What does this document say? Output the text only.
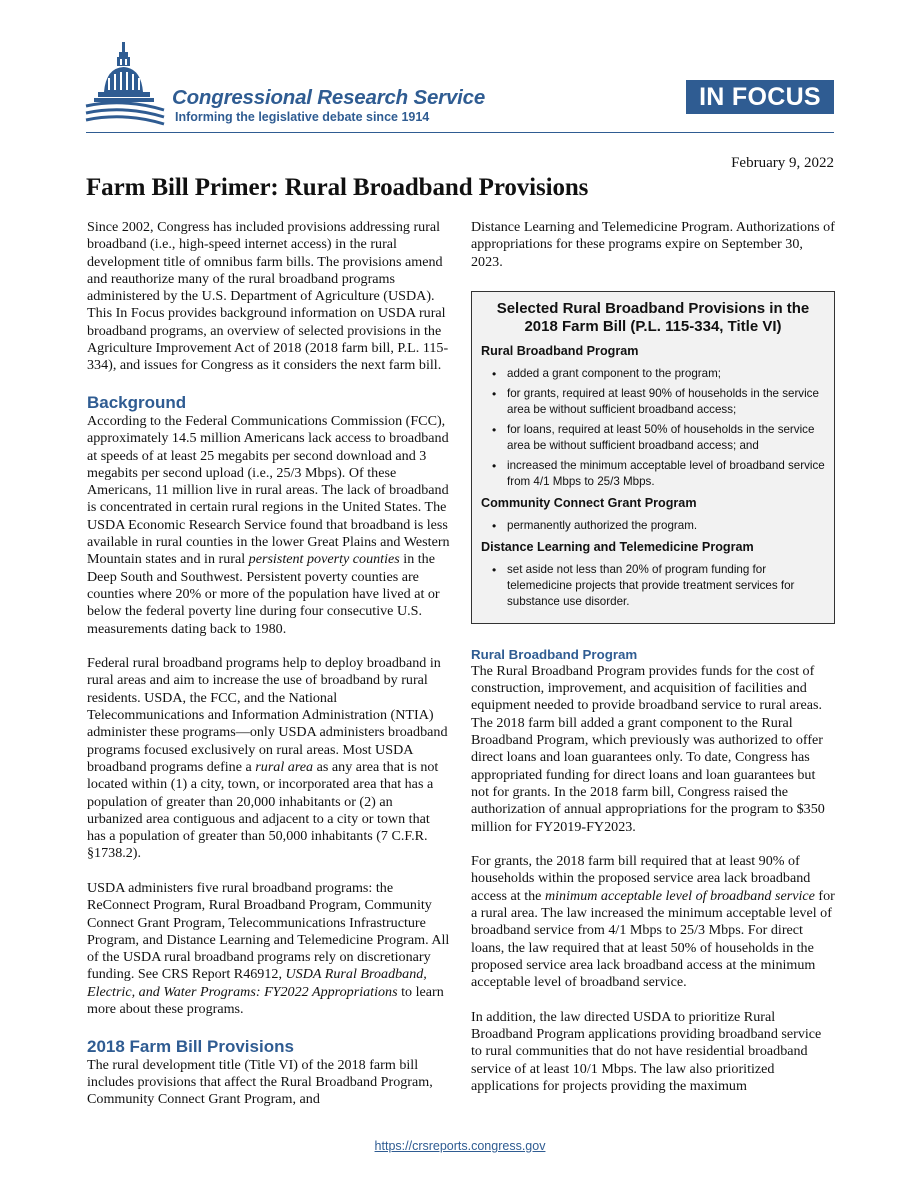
Congressional Research Service
Informing the legislative debate since 1914
IN FOCUS
February 9, 2022
Farm Bill Primer: Rural Broadband Provisions

Since 2002, Congress has included provisions addressing rural broadband (i.e., high-speed internet access) in the rural development title of omnibus farm bills. The provisions amend and reauthorize many of the rural broadband programs administered by the U.S. Department of Agriculture (USDA). This In Focus provides background information on USDA rural broadband programs, an overview of selected provisions in the Agriculture Improvement Act of 2018 (2018 farm bill, P.L. 115-334), and issues for Congress as it considers the next farm bill.

Background

According to the Federal Communications Commission (FCC), approximately 14.5 million Americans lack access to broadband at speeds of at least 25 megabits per second download and 3 megabits per second upload (i.e., 25/3 Mbps). Of these Americans, 11 million live in rural areas. The lack of broadband is concentrated in certain rural regions in the United States. The USDA Economic Research Service found that broadband is less available in rural counties in the lower Great Plains and Western Mountain states and in rural persistent poverty counties in the Deep South and Southwest. Persistent poverty counties are counties where 20% or more of the population have lived at or below the federal poverty line during four consecutive U.S. measurements dating back to 1980.

Federal rural broadband programs help to deploy broadband in rural areas and aim to increase the use of broadband by rural residents. USDA, the FCC, and the National Telecommunications and Information Administration (NTIA) administer these programs—only USDA administers broadband programs focused exclusively on rural areas. Most USDA broadband programs define a rural area as any area that is not located within (1) a city, town, or incorporated area that has a population of greater than 20,000 inhabitants or (2) an urbanized area contiguous and adjacent to a city or town that has a population of greater than 50,000 inhabitants (7 C.F.R. §1738.2).

USDA administers five rural broadband programs: the ReConnect Program, Rural Broadband Program, Community Connect Grant Program, Telecommunications Infrastructure Program, and Distance Learning and Telemedicine Program. All of the USDA rural broadband programs rely on discretionary funding. See CRS Report R46912, USDA Rural Broadband, Electric, and Water Programs: FY2022 Appropriations to learn more about these programs.

2018 Farm Bill Provisions

The rural development title (Title VI) of the 2018 farm bill includes provisions that affect the Rural Broadband Program, Community Connect Grant Program, and

Distance Learning and Telemedicine Program. Authorizations of appropriations for these programs expire on September 30, 2023.

Selected Rural Broadband Provisions in the 2018 Farm Bill (P.L. 115-334, Title VI)
Rural Broadband Program
• added a grant component to the program;
• for grants, required at least 90% of households in the service area be without sufficient broadband access;
• for loans, required at least 50% of households in the service area be without sufficient broadband access; and
• increased the minimum acceptable level of broadband service from 4/1 Mbps to 25/3 Mbps.
Community Connect Grant Program
• permanently authorized the program.
Distance Learning and Telemedicine Program
• set aside not less than 20% of program funding for telemedicine projects that provide treatment services for substance use disorder.
Rural Broadband Program

The Rural Broadband Program provides funds for the cost of construction, improvement, and acquisition of facilities and equipment needed to provide broadband service to rural areas. The 2018 farm bill added a grant component to the Rural Broadband Program, which previously was authorized to offer direct loans and loan guarantees only. To date, Congress has appropriated funding for direct loans and loan guarantees but not for grants. In the 2018 farm bill, Congress raised the authorization of annual appropriations for the program to $350 million for FY2019-FY2023.

For grants, the 2018 farm bill required that at least 90% of households within the proposed service area lack broadband access at the minimum acceptable level of broadband service for a rural area. The law increased the minimum acceptable level of broadband service from 4/1 Mbps to 25/3 Mbps. For direct loans, the law required that at least 50% of households in the proposed service area lack broadband access at the minimum acceptable level of broadband service.

In addition, the law directed USDA to prioritize Rural Broadband Program applications providing broadband service to rural communities that do not have residential broadband service of at least 10/1 Mbps. The law also prioritized applications for projects providing the maximum

https://crsreports.congress.gov
